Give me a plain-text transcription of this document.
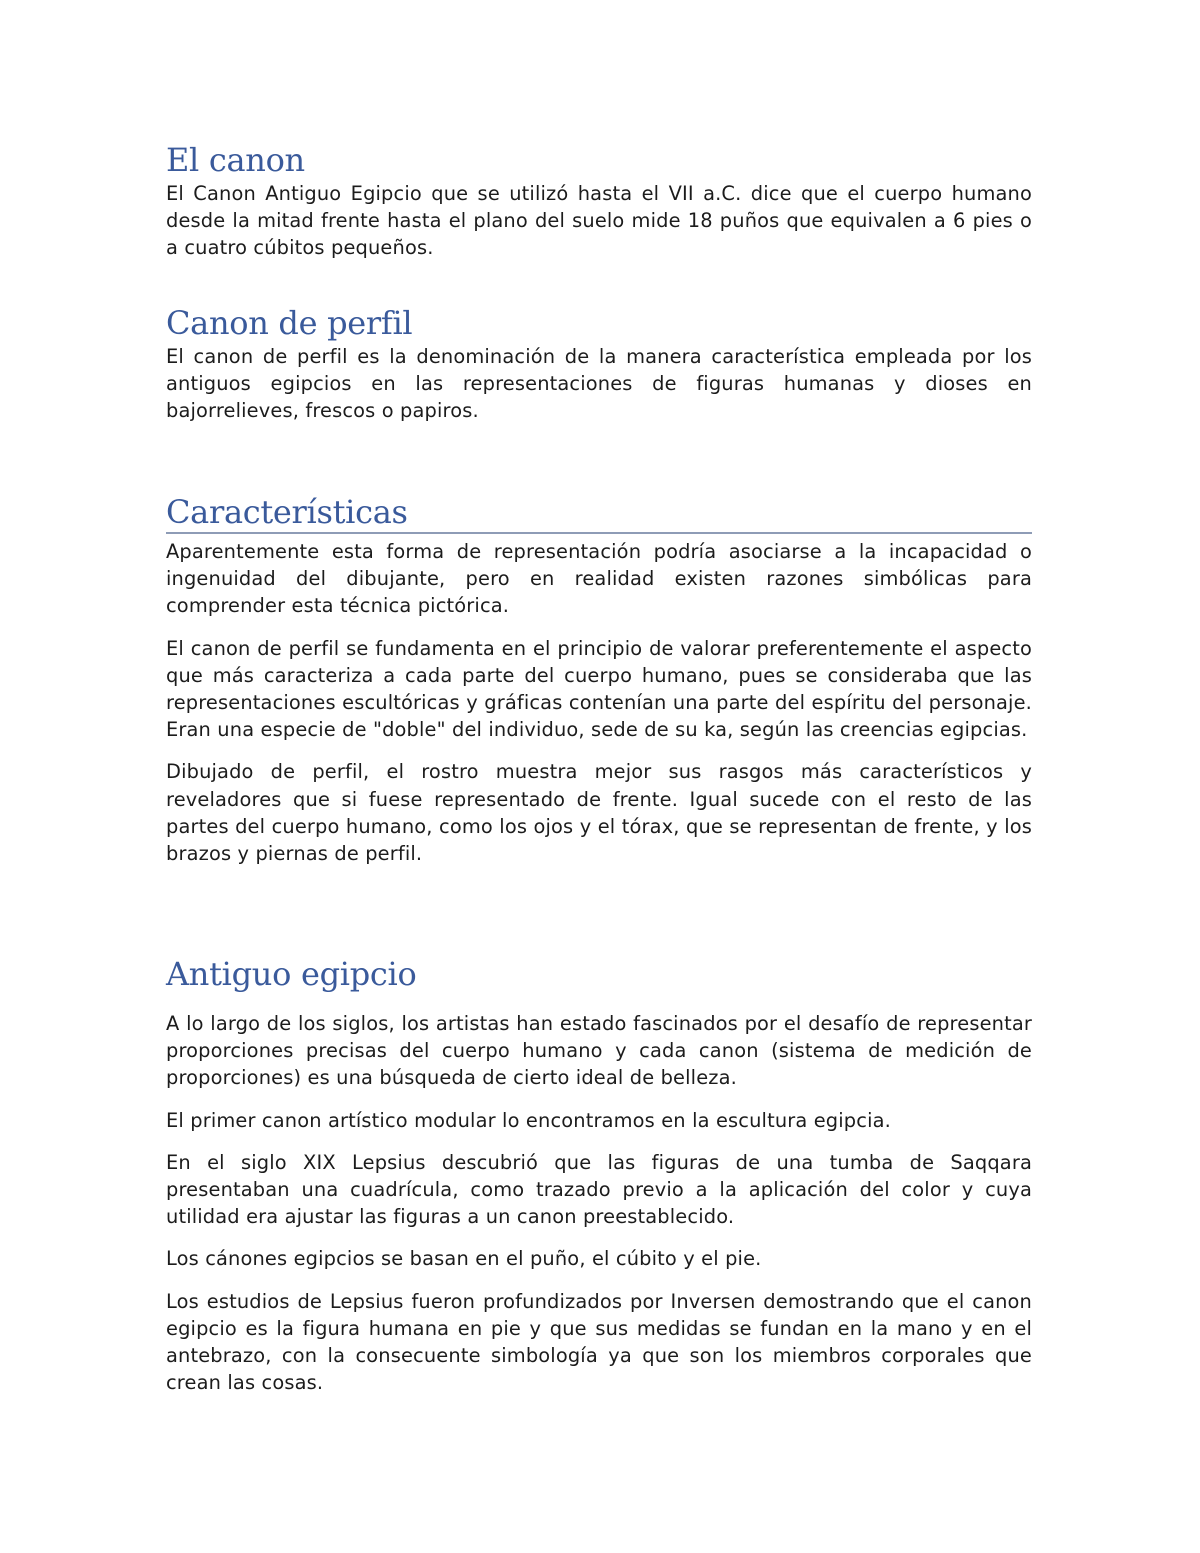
El canon

El Canon Antiguo Egipcio que se utilizó hasta el VII a.C. dice que el cuerpo humano desde la mitad frente hasta el plano del suelo mide 18 puños que equivalen a 6 pies o a cuatro cúbitos pequeños.

Canon de perfil

El canon de perfil es la denominación de la manera característica empleada por los antiguos egipcios en las representaciones de figuras humanas y dioses en bajorrelieves, frescos o papiros.

Características

Aparentemente esta forma de representación podría asociarse a la incapacidad o ingenuidad del dibujante, pero en realidad existen razones simbólicas para comprender esta técnica pictórica.

El canon de perfil se fundamenta en el principio de valorar preferentemente el aspecto que más caracteriza a cada parte del cuerpo humano, pues se consideraba que las representaciones escultóricas y gráficas contenían una parte del espíritu del personaje. Eran una especie de "doble" del individuo, sede de su ka, según las creencias egipcias.

Dibujado de perfil, el rostro muestra mejor sus rasgos más característicos y reveladores que si fuese representado de frente. Igual sucede con el resto de las partes del cuerpo humano, como los ojos y el tórax, que se representan de frente, y los brazos y piernas de perfil.

Antiguo egipcio

A lo largo de los siglos, los artistas han estado fascinados por el desafío de representar proporciones precisas del cuerpo humano y cada canon (sistema de medición de proporciones) es una búsqueda de cierto ideal de belleza.

El primer canon artístico modular lo encontramos en la escultura egipcia.

En el siglo XIX Lepsius descubrió que las figuras de una tumba de Saqqara presentaban una cuadrícula, como trazado previo a la aplicación del color y cuya utilidad era ajustar las figuras a un canon preestablecido.

Los cánones egipcios se basan en el puño, el cúbito y el pie.

Los estudios de Lepsius fueron profundizados por Inversen demostrando que el canon egipcio es la figura humana en pie y que sus medidas se fundan en la mano y en el antebrazo, con la consecuente simbología ya que son los miembros corporales que crean las cosas.
